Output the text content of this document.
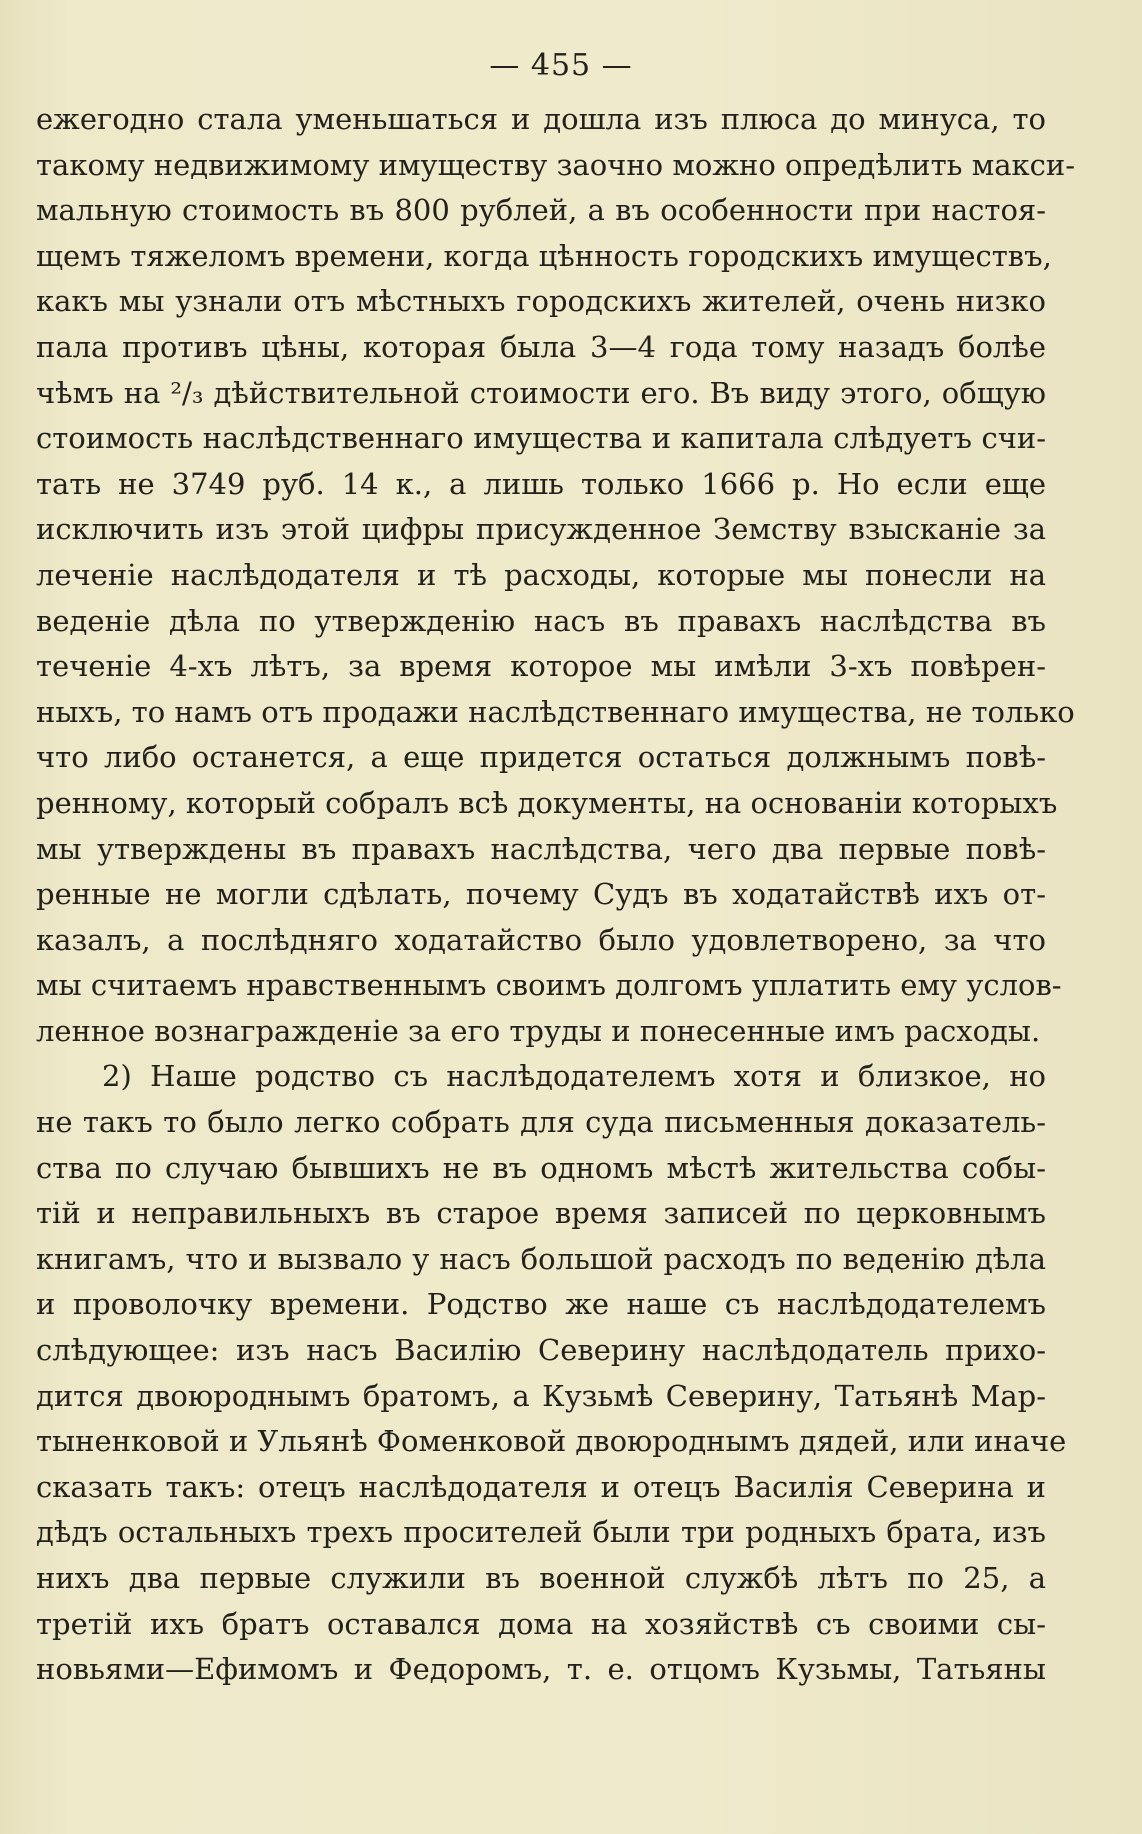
— 455 —
ежегодно стала уменьшаться и дошла изъ плюса до минуса, то
такому недвижимому имуществу заочно можно опредѣлить макси-
мальную стоимость въ 800 рублей, а въ особенности при настоя-
щемъ тяжеломъ времени, когда цѣнность городскихъ имуществъ,
какъ мы узнали отъ мѣстныхъ городскихъ жителей, очень низко
пала противъ цѣны, которая была 3—4 года тому назадъ болѣе
чѣмъ на ²/₃ дѣйствительной стоимости его. Въ виду этого, общую
стоимость наслѣдственнаго имущества и капитала слѣдуетъ счи-
тать не 3749 руб. 14 к., а лишь только 1666 р. Но если еще
исключить изъ этой цифры присужденное Земству взысканіе за
леченіе наслѣдодателя и тѣ расходы, которые мы понесли на
веденіе дѣла по утвержденію насъ въ правахъ наслѣдства въ
теченіе 4-хъ лѣтъ, за время которое мы имѣли 3-хъ повѣрен-
ныхъ, то намъ отъ продажи наслѣдственнаго имущества, не только
что либо останется, а еще придется остаться должнымъ повѣ-
ренному, который собралъ всѣ документы, на основаніи которыхъ
мы утверждены въ правахъ наслѣдства, чего два первые повѣ-
ренные не могли сдѣлать, почему Судъ въ ходатайствѣ ихъ от-
казалъ, а послѣдняго ходатайство было удовлетворено, за что
мы считаемъ нравственнымъ своимъ долгомъ уплатить ему услов-
ленное вознагражденіе за его труды и понесенные имъ расходы.
2) Наше родство съ наслѣдодателемъ хотя и близкое, но
не такъ то было легко собрать для суда письменныя доказатель-
ства по случаю бывшихъ не въ одномъ мѣстѣ жительства собы-
тій и неправильныхъ въ старое время записей по церковнымъ
книгамъ, что и вызвало у насъ большой расходъ по веденію дѣла
и проволочку времени. Родство же наше съ наслѣдодателемъ
слѣдующее: изъ насъ Василію Северину наслѣдодатель прихо-
дится двоюроднымъ братомъ, а Кузьмѣ Северину, Татьянѣ Мар-
тыненковой и Ульянѣ Фоменковой двоюроднымъ дядей, или иначе
сказать такъ: отецъ наслѣдодателя и отецъ Василія Северина и
дѣдъ остальныхъ трехъ просителей были три родныхъ брата, изъ
нихъ два первые служили въ военной службѣ лѣтъ по 25, а
третій ихъ братъ оставался дома на хозяйствѣ съ своими сы-
новьями—Ефимомъ и Федоромъ, т. е. отцомъ Кузьмы, Татьяны
